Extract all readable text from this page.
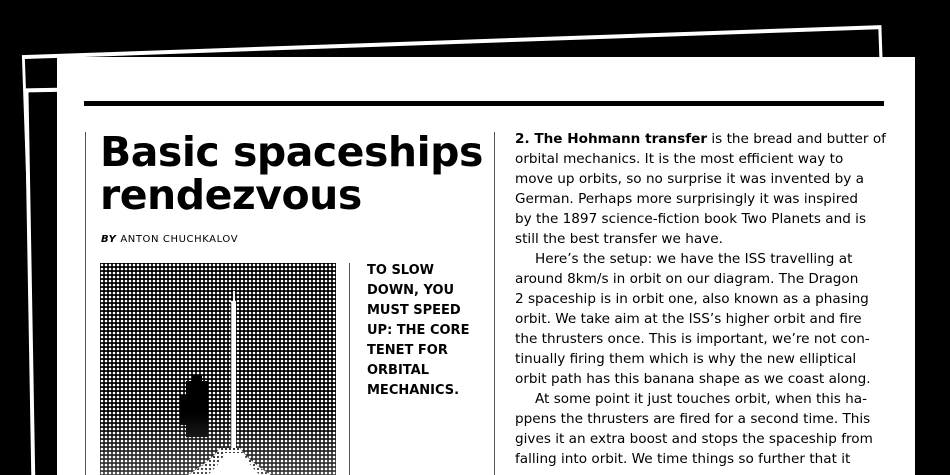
Basic spaceships rendezvous
BY ANTON CHUCHKALOV

TO SLOW DOWN, YOU MUST SPEED UP: THE CORE TENET FOR ORBITAL MECHANICS.

2. The Hohmann transfer is the bread and butter of
orbital mechanics. It is the most efficient way to
move up orbits, so no surprise it was invented by a
German. Perhaps more surprisingly it was inspired
by the 1897 science-fiction book Two Planets and is
still the best transfer we have.

Here’s the setup: we have the ISS travelling at
around 8km/s in orbit on our diagram. The Dragon
2 spaceship is in orbit one, also known as a phasing
orbit. We take aim at the ISS’s higher orbit and fire
the thrusters once. This is important, we’re not con-
tinually firing them which is why the new elliptical
orbit path has this banana shape as we coast along.

At some point it just touches orbit, when this ha-
ppens the thrusters are fired for a second time. This
gives it an extra boost and stops the spaceship from
falling into orbit. We time things so further that it
